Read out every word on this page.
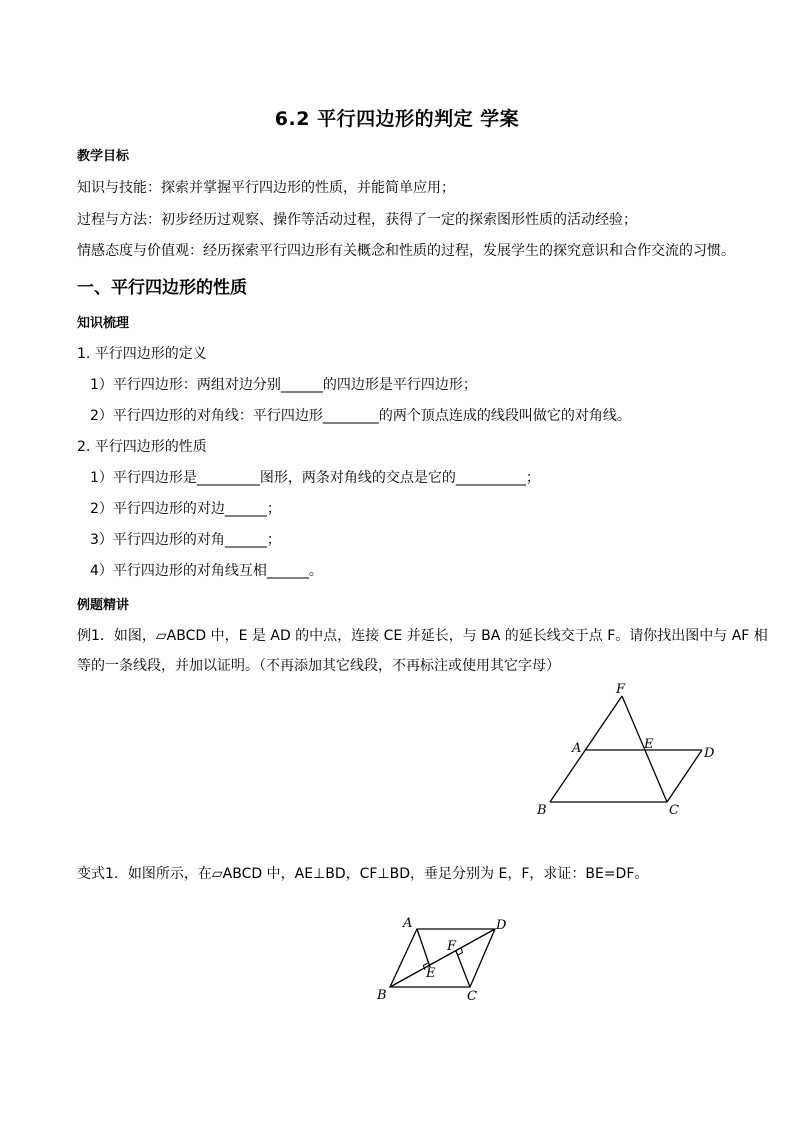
6.2 平行四边形的判定 学案
教学目标
知识与技能：探索并掌握平行四边形的性质，并能简单应用；
过程与方法：初步经历过观察、操作等活动过程，获得了一定的探索图形性质的活动经验；
情感态度与价值观：经历探索平行四边形有关概念和性质的过程，发展学生的探究意识和合作交流的习惯。
一、平行四边形的性质
知识梳理
1. 平行四边形的定义
1）平行四边形：两组对边分别______的四边形是平行四边形；
2）平行四边形的对角线：平行四边形________的两个顶点连成的线段叫做它的对角线。
2. 平行四边形的性质
1）平行四边形是_________图形，两条对角线的交点是它的__________；
2）平行四边形的对边______；
3）平行四边形的对角______；
4）平行四边形的对角线互相______。
例题精讲
例1．如图，▱ABCD 中，E 是 AD 的中点，连接 CE 并延长，与 BA 的延长线交于点 F。请你找出图中与 AF 相
等的一条线段，并加以证明。（不再添加其它线段，不再标注或使用其它字母）
F
A	E
D
B	C
变式1．如图所示，在▱ABCD 中，AE⊥BD，CF⊥BD，垂足分别为 E，F，求证：BE=DF。
A	D
F
E
B	C
